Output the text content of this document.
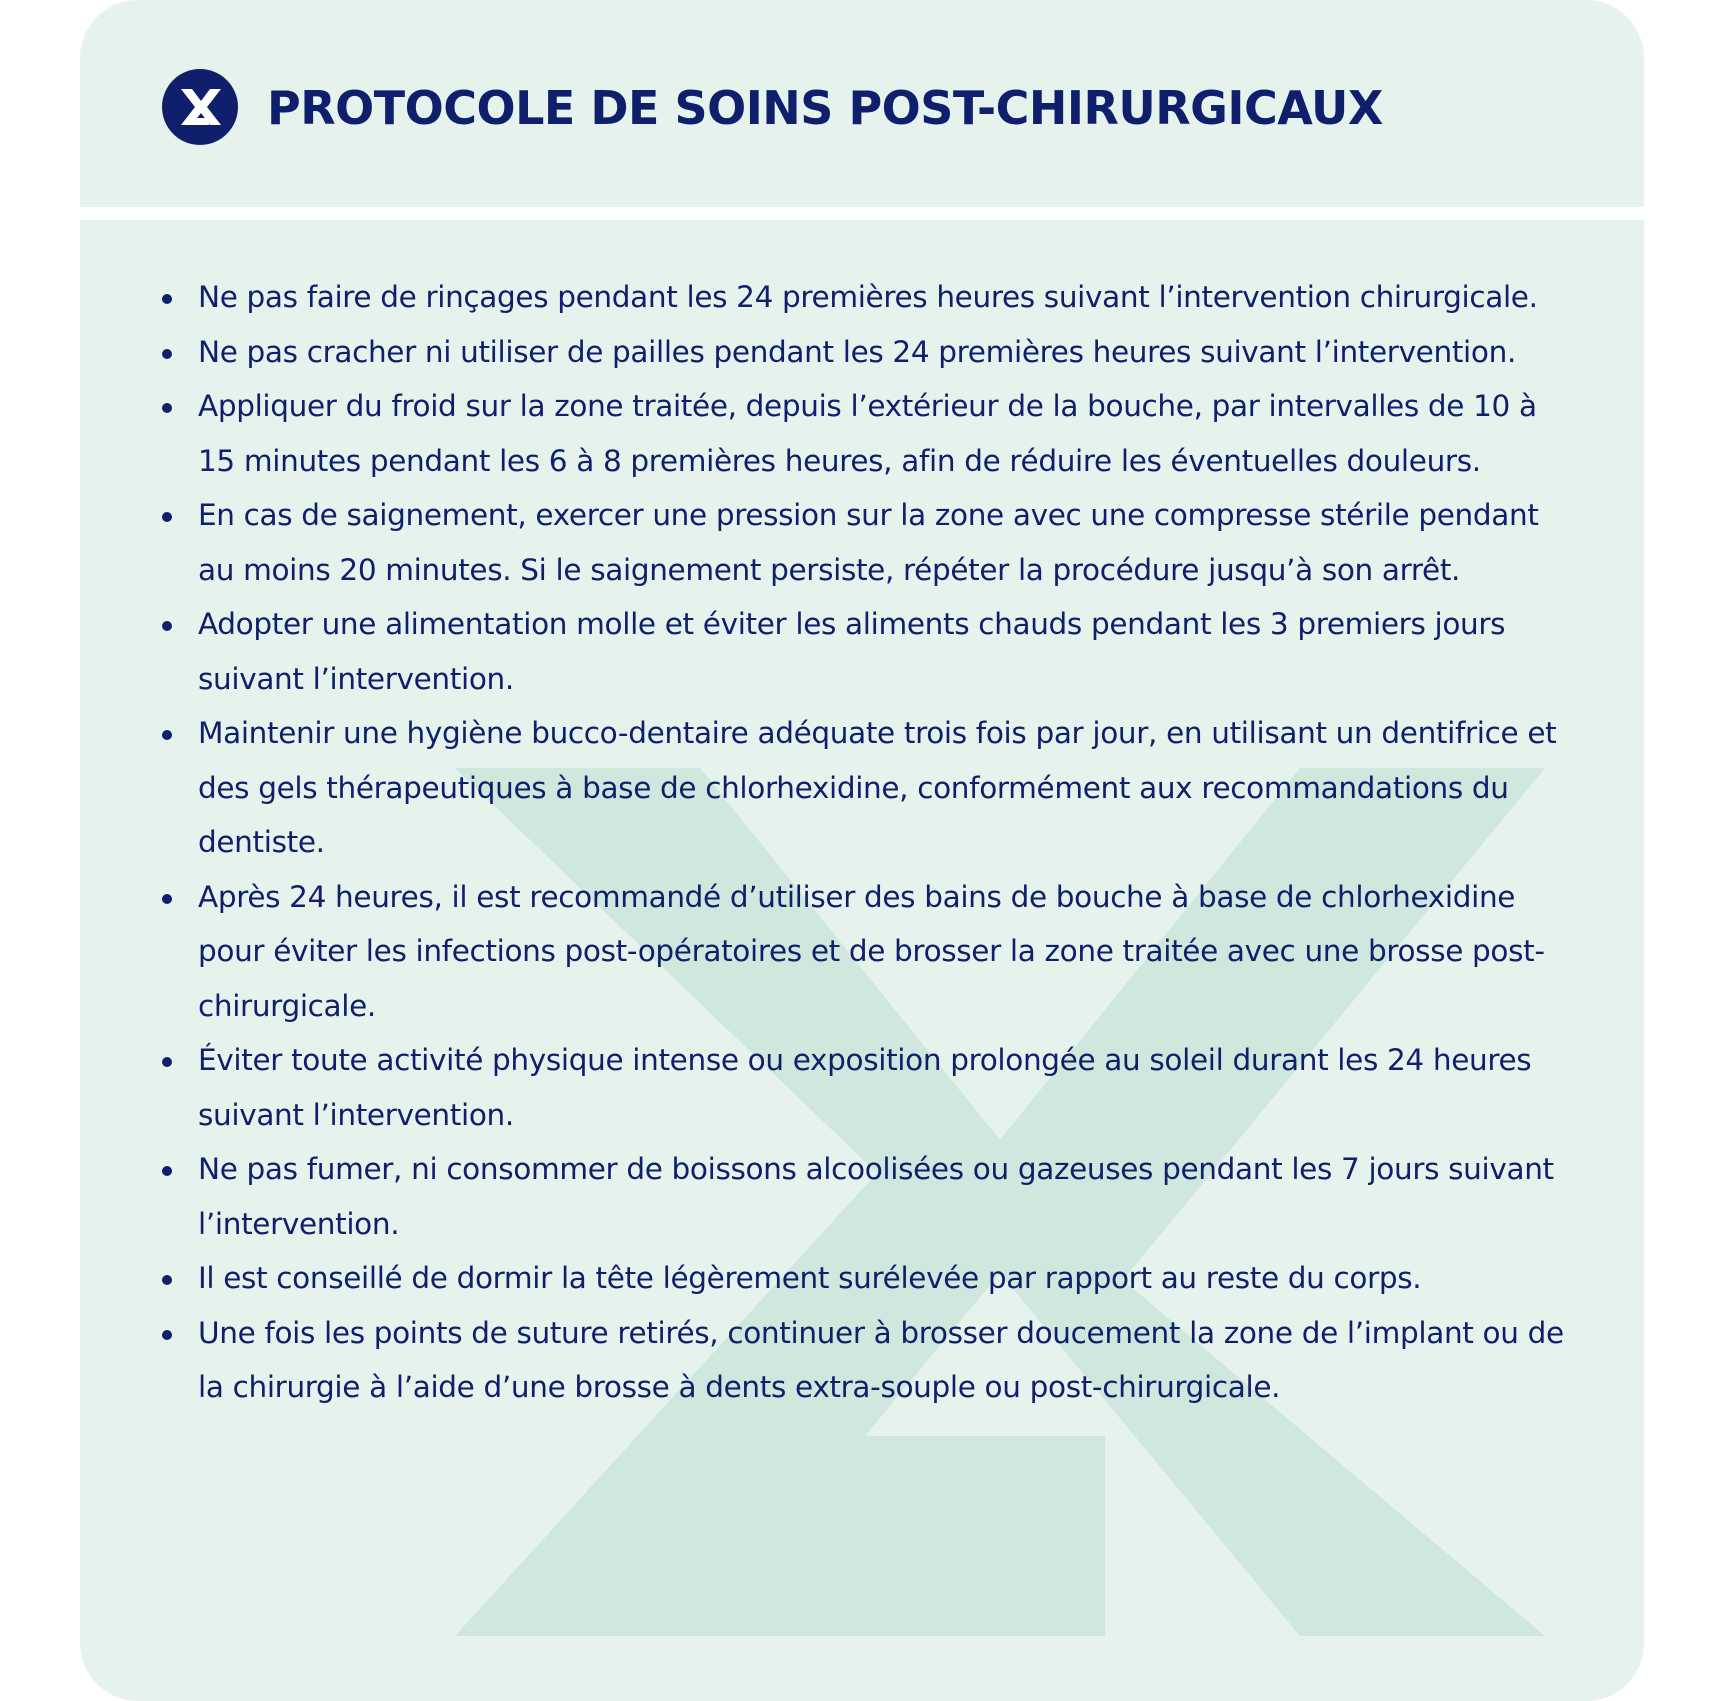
PROTOCOLE DE SOINS POST-CHIRURGICAUX
Ne pas faire de rinçages pendant les 24 premières heures suivant l’intervention chirurgicale.
Ne pas cracher ni utiliser de pailles pendant les 24 premières heures suivant l’intervention.
Appliquer du froid sur la zone traitée, depuis l’extérieur de la bouche, par intervalles de 10 à 15 minutes pendant les 6 à 8 premières heures, afin de réduire les éventuelles douleurs.
En cas de saignement, exercer une pression sur la zone avec une compresse stérile pendant au moins 20 minutes. Si le saignement persiste, répéter la procédure jusqu’à son arrêt.
Adopter une alimentation molle et éviter les aliments chauds pendant les 3 premiers jours suivant l’intervention.
Maintenir une hygiène bucco-dentaire adéquate trois fois par jour, en utilisant un dentifrice et des gels thérapeutiques à base de chlorhexidine, conformément aux recommandations du dentiste.
Après 24 heures, il est recommandé d’utiliser des bains de bouche à base de chlorhexidine pour éviter les infections post-opératoires et de brosser la zone traitée avec une brosse post-chirurgicale.
Éviter toute activité physique intense ou exposition prolongée au soleil durant les 24 heures suivant l’intervention.
Ne pas fumer, ni consommer de boissons alcoolisées ou gazeuses pendant les 7 jours suivant l’intervention.
Il est conseillé de dormir la tête légèrement surélevée par rapport au reste du corps.
Une fois les points de suture retirés, continuer à brosser doucement la zone de l’implant ou de la chirurgie à l’aide d’une brosse à dents extra-souple ou post-chirurgicale.
